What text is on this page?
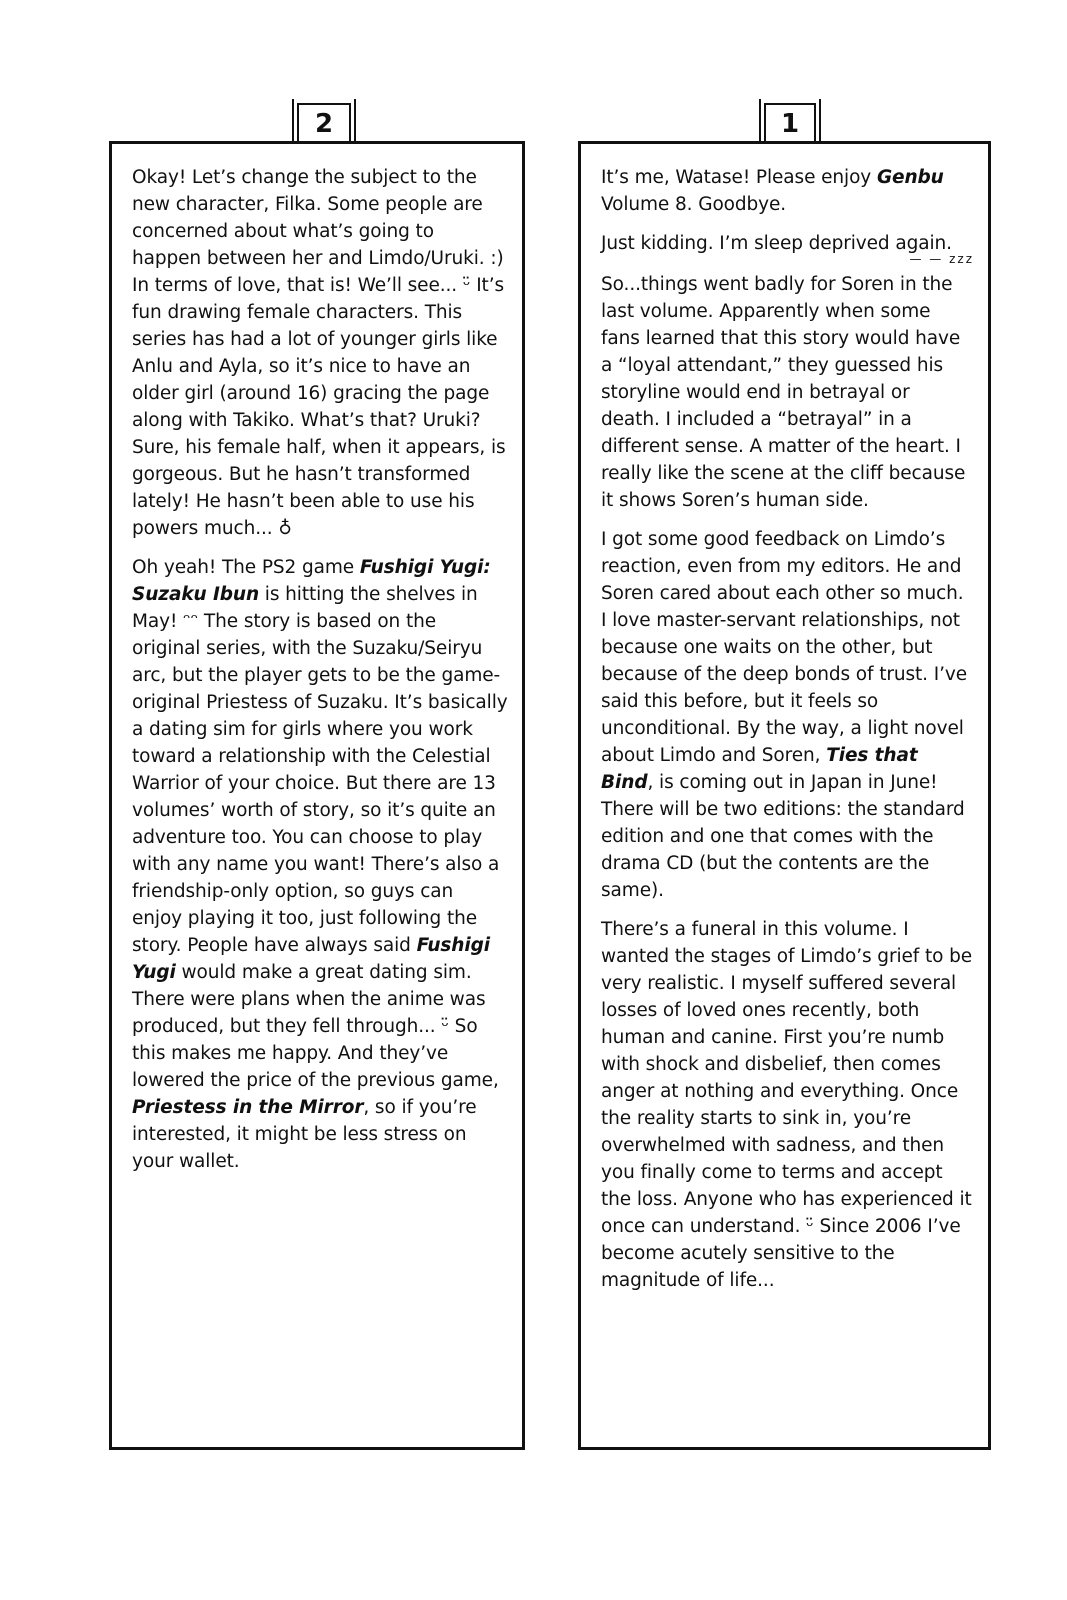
2	1

Okay! Let’s change the subject to the new character, Filka. Some people are concerned about what’s going to happen between her and Limdo/Uruki. :) In terms of love, that is! We’ll see... ᵕ̈ It’s fun drawing female characters. This series has had a lot of younger girls like Anlu and Ayla, so it’s nice to have an older girl (around 16) gracing the page along with Takiko. What’s that? Uruki? Sure, his female half, when it appears, is gorgeous. But he hasn’t transformed lately! He hasn’t been able to use his powers much... ♁

Oh yeah! The PS2 game Fushigi Yugi: Suzaku Ibun is hitting the shelves in May! ᵔᵔ The story is based on the original series, with the Suzaku/Seiryu arc, but the player gets to be the game-original Priestess of Suzaku. It’s basically a dating sim for girls where you work toward a relationship with the Celestial Warrior of your choice. But there are 13 volumes’ worth of story, so it’s quite an adventure too. You can choose to play with any name you want! There’s also a friendship-only option, so guys can enjoy playing it too, just following the story. People have always said Fushigi Yugi would make a great dating sim. There were plans when the anime was produced, but they fell through... ᵕ̈ So this makes me happy. And they’ve lowered the price of the previous game, Priestess in the Mirror, so if you’re interested, it might be less stress on your wallet.

It’s me, Watase! Please enjoy Genbu Volume 8. Goodbye.

Just kidding. I’m sleep deprived again.

— — zzz

So...things went badly for Soren in the last volume. Apparently when some fans learned that this story would have a “loyal attendant,” they guessed his storyline would end in betrayal or death. I included a “betrayal” in a different sense. A matter of the heart. I really like the scene at the cliff because it shows Soren’s human side.

I got some good feedback on Limdo’s reaction, even from my editors. He and Soren cared about each other so much. I love master-servant relationships, not because one waits on the other, but because of the deep bonds of trust. I’ve said this before, but it feels so unconditional. By the way, a light novel about Limdo and Soren, Ties that Bind, is coming out in Japan in June! There will be two editions: the standard edition and one that comes with the drama CD (but the contents are the same).

There’s a funeral in this volume. I wanted the stages of Limdo’s grief to be very realistic. I myself suffered several losses of loved ones recently, both human and canine. First you’re numb with shock and disbelief, then comes anger at nothing and everything. Once the reality starts to sink in, you’re overwhelmed with sadness, and then you finally come to terms and accept the loss. Anyone who has experienced it once can understand. ᵕ̈ Since 2006 I’ve become acutely sensitive to the magnitude of life...
